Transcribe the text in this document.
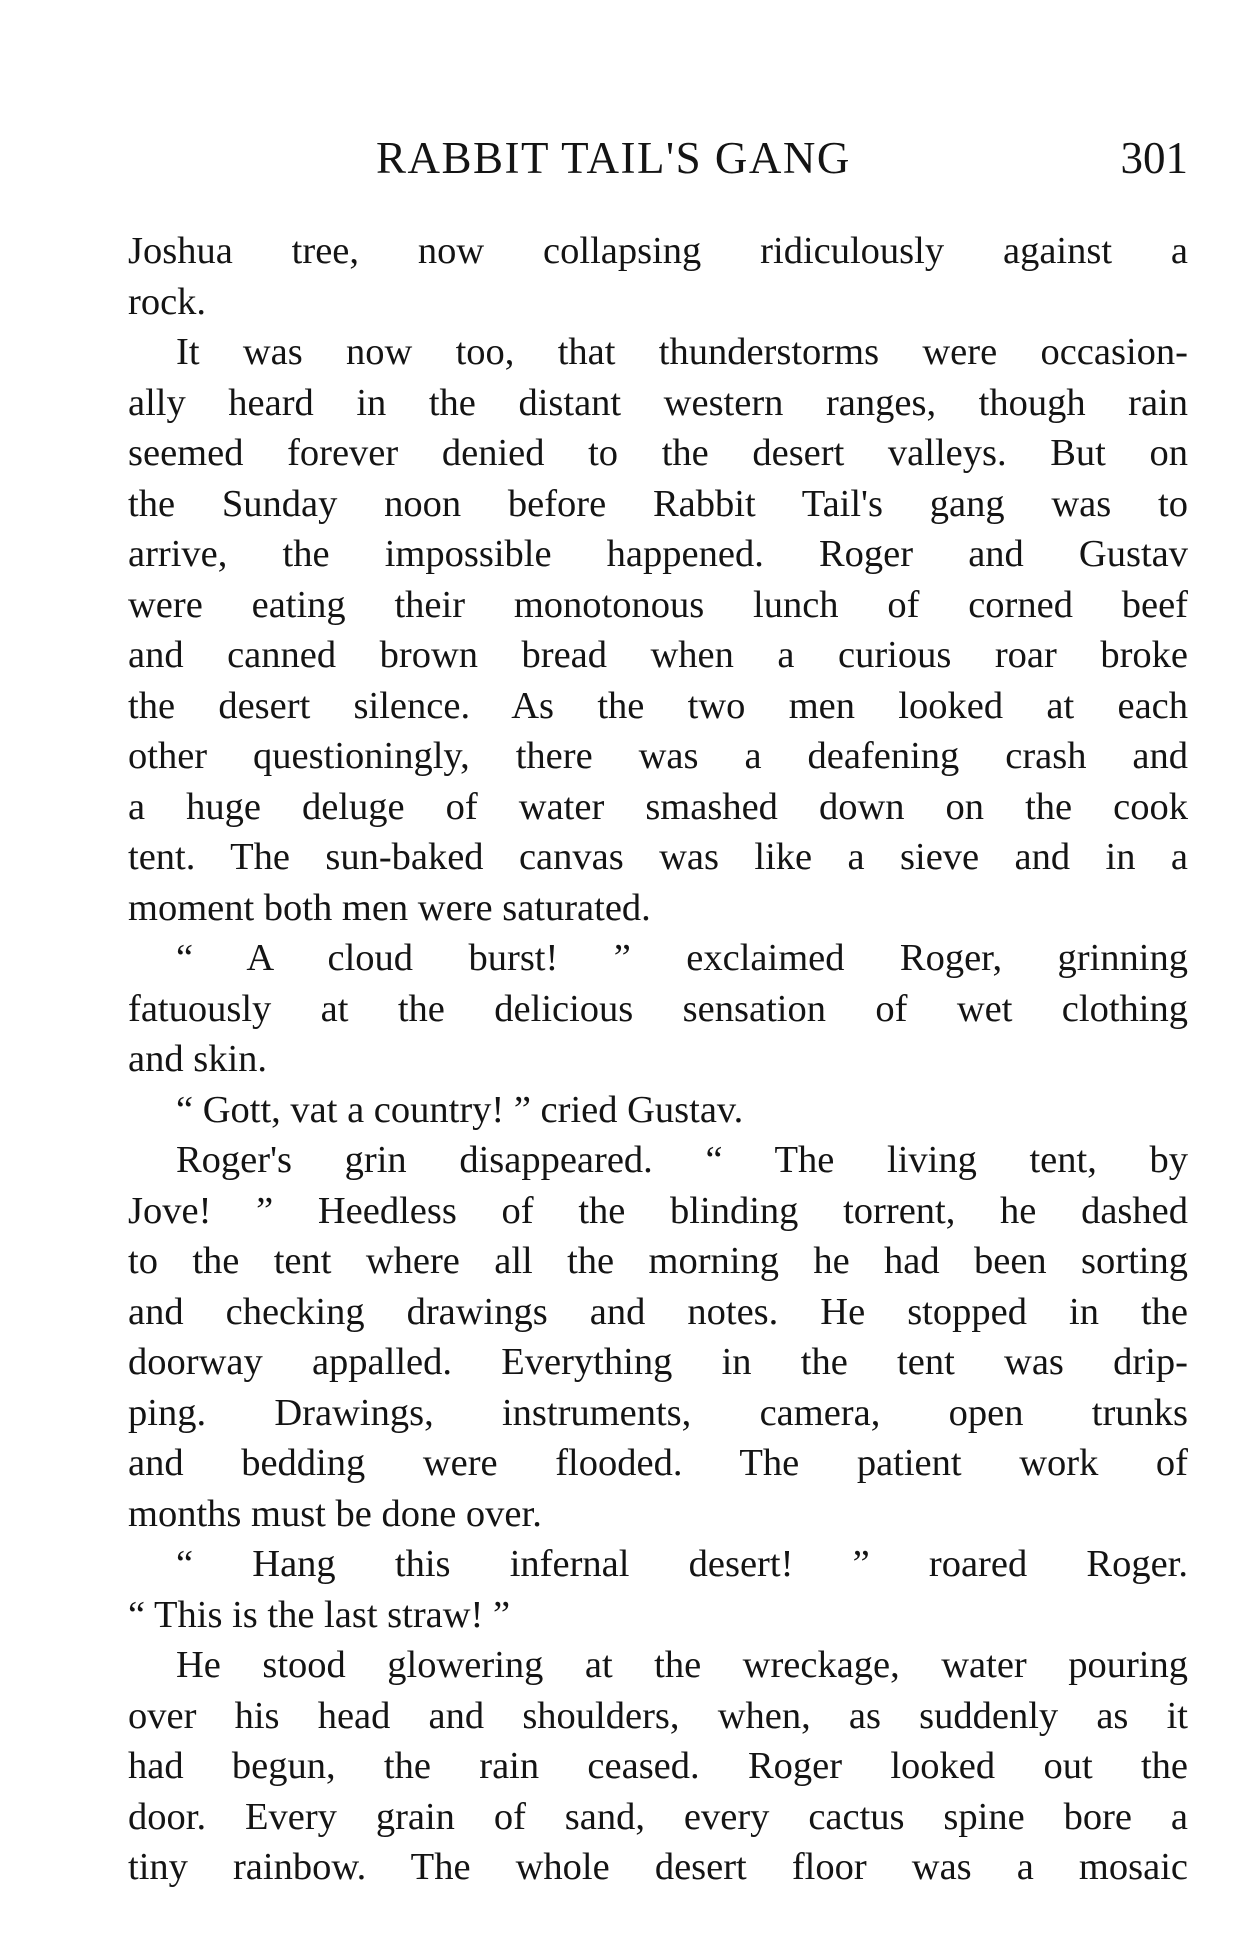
RABBIT TAIL'S GANG	301
Joshua tree, now collapsing ridiculously against a
rock.
It was now too, that thunderstorms were occasion-
ally heard in the distant western ranges, though rain
seemed forever denied to the desert valleys. But on
the Sunday noon before Rabbit Tail's gang was to
arrive, the impossible happened. Roger and Gustav
were eating their monotonous lunch of corned beef
and canned brown bread when a curious roar broke
the desert silence. As the two men looked at each
other questioningly, there was a deafening crash and
a huge deluge of water smashed down on the cook
tent. The sun-baked canvas was like a sieve and in a
moment both men were saturated.
“ A cloud burst! ” exclaimed Roger, grinning
fatuously at the delicious sensation of wet clothing
and skin.
“ Gott, vat a country! ” cried Gustav.
Roger's grin disappeared. “ The living tent, by
Jove! ” Heedless of the blinding torrent, he dashed
to the tent where all the morning he had been sorting
and checking drawings and notes. He stopped in the
doorway appalled. Everything in the tent was drip-
ping. Drawings, instruments, camera, open trunks
and bedding were flooded. The patient work of
months must be done over.
“ Hang this infernal desert! ” roared Roger.
“ This is the last straw! ”
He stood glowering at the wreckage, water pouring
over his head and shoulders, when, as suddenly as it
had begun, the rain ceased. Roger looked out the
door. Every grain of sand, every cactus spine bore a
tiny rainbow. The whole desert floor was a mosaic
